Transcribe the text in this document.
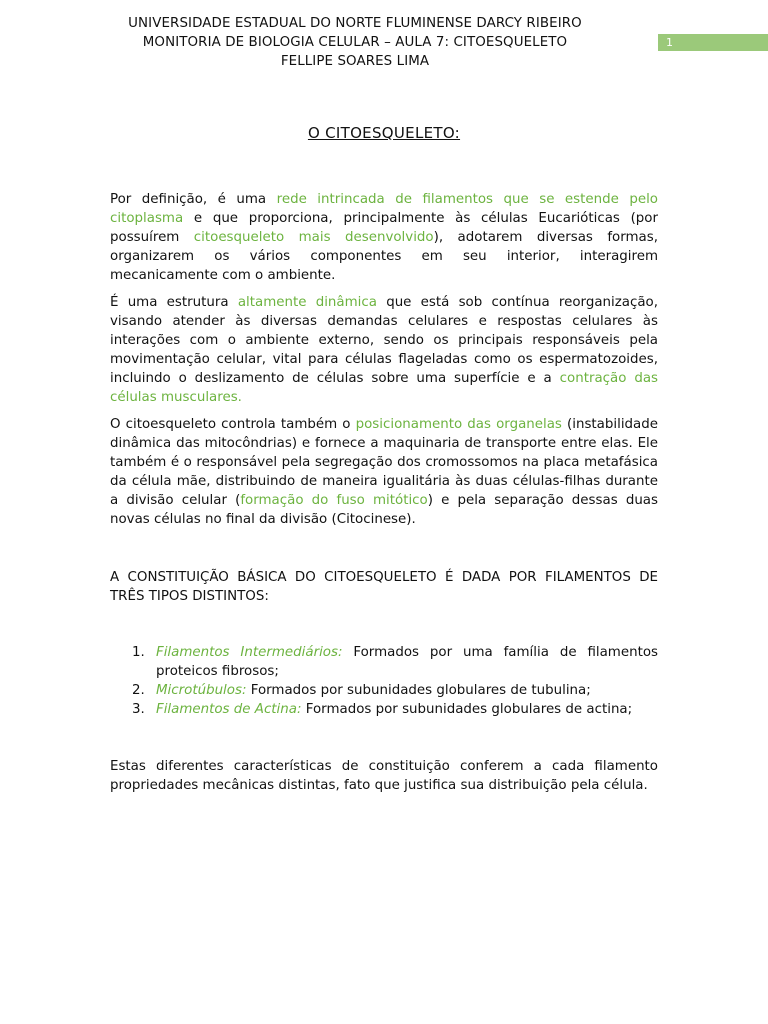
UNIVERSIDADE ESTADUAL DO NORTE FLUMINENSE DARCY RIBEIRO
MONITORIA DE BIOLOGIA CELULAR – AULA 7: CITOESQUELETO
FELLIPE SOARES LIMA
1
O CITOESQUELETO:

Por definição, é uma rede intrincada de filamentos que se estende pelo citoplasma e que proporciona, principalmente às células Eucarióticas (por possuírem citoesqueleto mais desenvolvido), adotarem diversas formas, organizarem os vários componentes em seu interior, interagirem mecanicamente com o ambiente.

É uma estrutura altamente dinâmica que está sob contínua reorganização, visando atender às diversas demandas celulares e respostas celulares às interações com o ambiente externo, sendo os principais responsáveis pela movimentação celular, vital para células flageladas como os espermatozoides, incluindo o deslizamento de células sobre uma superfície e a contração das células musculares.

O citoesqueleto controla também o posicionamento das organelas (instabilidade dinâmica das mitocôndrias) e fornece a maquinaria de transporte entre elas. Ele também é o responsável pela segregação dos cromossomos na placa metafásica da célula mãe, distribuindo de maneira igualitária às duas células-filhas durante a divisão celular (formação do fuso mitótico) e pela separação dessas duas novas células no final da divisão (Citocinese).

A CONSTITUIÇÃO BÁSICA DO CITOESQUELETO É DADA POR FILAMENTOS DE TRÊS TIPOS DISTINTOS:
1. Filamentos Intermediários: Formados por uma família de filamentos proteicos fibrosos;
2. Microtúbulos: Formados por subunidades globulares de tubulina;
3. Filamentos de Actina: Formados por subunidades globulares de actina;
Estas diferentes características de constituição conferem a cada filamento propriedades mecânicas distintas, fato que justifica sua distribuição pela célula.
